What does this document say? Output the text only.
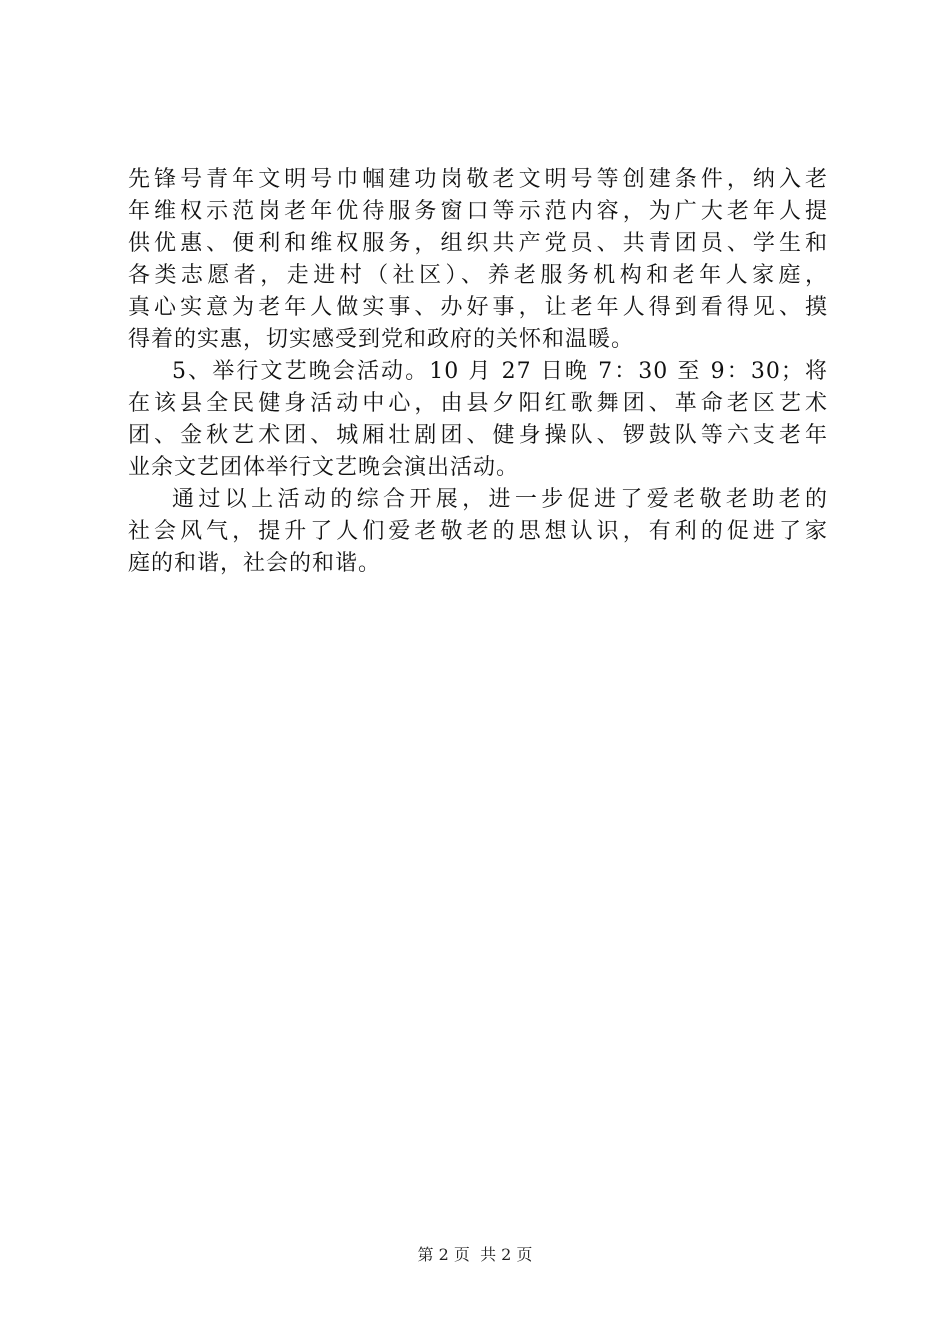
先锋号青年文明号巾帼建功岗敬老文明号等创建条件，纳入老
年维权示范岗老年优待服务窗口等示范内容，为广大老年人提
供优惠、便利和维权服务，组织共产党员、共青团员、学生和
各类志愿者，走进村（社区）、养老服务机构和老年人家庭，
真心实意为老年人做实事、办好事，让老年人得到看得见、摸
得着的实惠，切实感受到党和政府的关怀和温暖。
5、举行文艺晚会活动。10 月 27 日晚 7：30 至 9：30；将
在该县全民健身活动中心，由县夕阳红歌舞团、革命老区艺术
团、金秋艺术团、城厢壮剧团、健身操队、锣鼓队等六支老年
业余文艺团体举行文艺晚会演出活动。
通过以上活动的综合开展，进一步促进了爱老敬老助老的
社会风气，提升了人们爱老敬老的思想认识，有利的促进了家
庭的和谐，社会的和谐。
第 2 页  共 2 页
